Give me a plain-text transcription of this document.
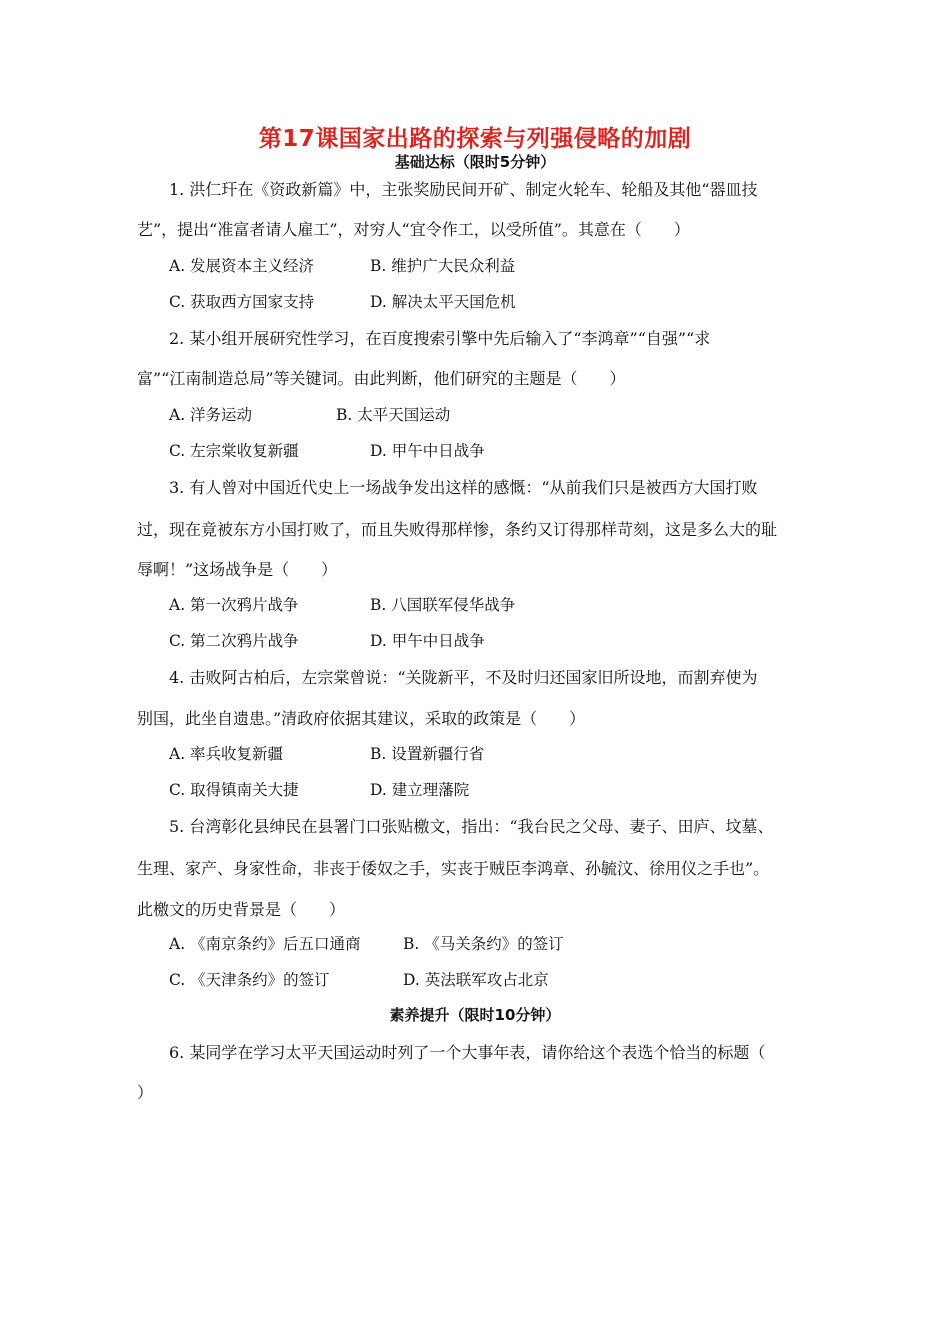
第17课国家出路的探索与列强侵略的加剧
基础达标（限时5分钟）
1. 洪仁玕在《资政新篇》中，主张奖励民间开矿、制定火轮车、轮船及其他“器皿技
艺”，提出“准富者请人雇工”，对穷人“宜令作工，以受所值”。其意在（　　）
A. 发展资本主义经济	B. 维护广大民众利益
C. 获取西方国家支持	D. 解决太平天国危机
2. 某小组开展研究性学习，在百度搜索引擎中先后输入了“李鸿章”“自强”“求
富”“江南制造总局”等关键词。由此判断，他们研究的主题是（　　）
A. 洋务运动	B. 太平天国运动
C. 左宗棠收复新疆	D. 甲午中日战争
3. 有人曾对中国近代史上一场战争发出这样的感慨：“从前我们只是被西方大国打败
过，现在竟被东方小国打败了，而且失败得那样惨，条约又订得那样苛刻，这是多么大的耻
辱啊！”这场战争是（　　）
A. 第一次鸦片战争	B. 八国联军侵华战争
C. 第二次鸦片战争	D. 甲午中日战争
4. 击败阿古柏后，左宗棠曾说：“关陇新平，不及时归还国家旧所设地，而割弃使为
别国，此坐自遗患。”清政府依据其建议，采取的政策是（　　）
A. 率兵收复新疆	B. 设置新疆行省
C. 取得镇南关大捷	D. 建立理藩院
5. 台湾彰化县绅民在县署门口张贴檄文，指出：“我台民之父母、妻子、田庐、坟墓、
生理、家产、身家性命，非丧于倭奴之手，实丧于贼臣李鸿章、孙毓汶、徐用仪之手也”。
此檄文的历史背景是（　　）
A. 《南京条约》后五口通商	B. 《马关条约》的签订
C. 《天津条约》的签订	D. 英法联军攻占北京
素养提升（限时10分钟）
6. 某同学在学习太平天国运动时列了一个大事年表，请你给这个表选个恰当的标题（
）
